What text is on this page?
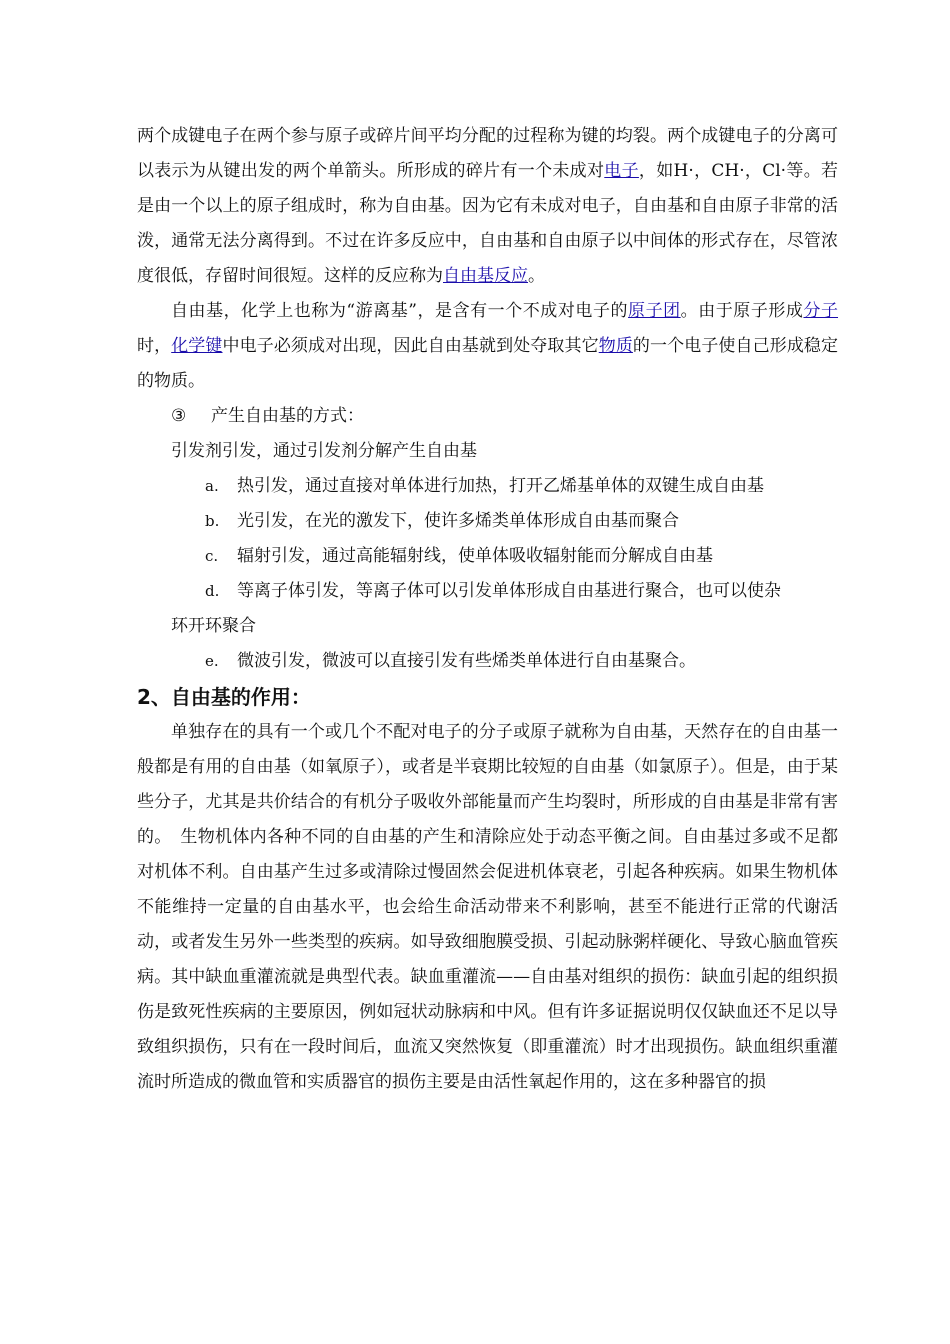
两个成键电子在两个参与原子或碎片间平均分配的过程称为键的均裂。两个成键电子的分离可以表示为从键出发的两个单箭头。所形成的碎片有一个未成对电子，如H·，CH·，Cl·等。若是由一个以上的原子组成时，称为自由基。因为它有未成对电子，自由基和自由原子非常的活泼，通常无法分离得到。不过在许多反应中，自由基和自由原子以中间体的形式存在，尽管浓度很低，存留时间很短。这样的反应称为自由基反应。

自由基，化学上也称为“游离基”，是含有一个不成对电子的原子团。由于原子形成分子时，化学键中电子必须成对出现，因此自由基就到处夺取其它物质的一个电子使自己形成稳定的物质。

③ 产生自由基的方式：

引发剂引发，通过引发剂分解产生自由基

a. 热引发，通过直接对单体进行加热，打开乙烯基单体的双键生成自由基

b. 光引发，在光的激发下，使许多烯类单体形成自由基而聚合

c. 辐射引发，通过高能辐射线，使单体吸收辐射能而分解成自由基

d. 等离子体引发，等离子体可以引发单体形成自由基进行聚合，也可以使杂

环开环聚合

e. 微波引发，微波可以直接引发有些烯类单体进行自由基聚合。

2、自由基的作用：

单独存在的具有一个或几个不配对电子的分子或原子就称为自由基，天然存在的自由基一般都是有用的自由基（如氧原子），或者是半衰期比较短的自由基（如氯原子）。但是，由于某些分子，尤其是共价结合的有机分子吸收外部能量而产生均裂时，所形成的自由基是非常有害的。　生物机体内各种不同的自由基的产生和清除应处于动态平衡之间。自由基过多或不足都对机体不利。自由基产生过多或清除过慢固然会促进机体衰老，引起各种疾病。如果生物机体不能维持一定量的自由基水平，也会给生命活动带来不利影响，甚至不能进行正常的代谢活动，或者发生另外一些类型的疾病。如导致细胞膜受损、引起动脉粥样硬化、导致心脑血管疾病。其中缺血重灌流就是典型代表。缺血重灌流——自由基对组织的损伤：缺血引起的组织损伤是致死性疾病的主要原因，例如冠状动脉病和中风。但有许多证据说明仅仅缺血还不足以导致组织损伤，只有在一段时间后，血流又突然恢复（即重灌流）时才出现损伤。缺血组织重灌流时所造成的微血管和实质器官的损伤主要是由活性氧起作用的，这在多种器官的损
